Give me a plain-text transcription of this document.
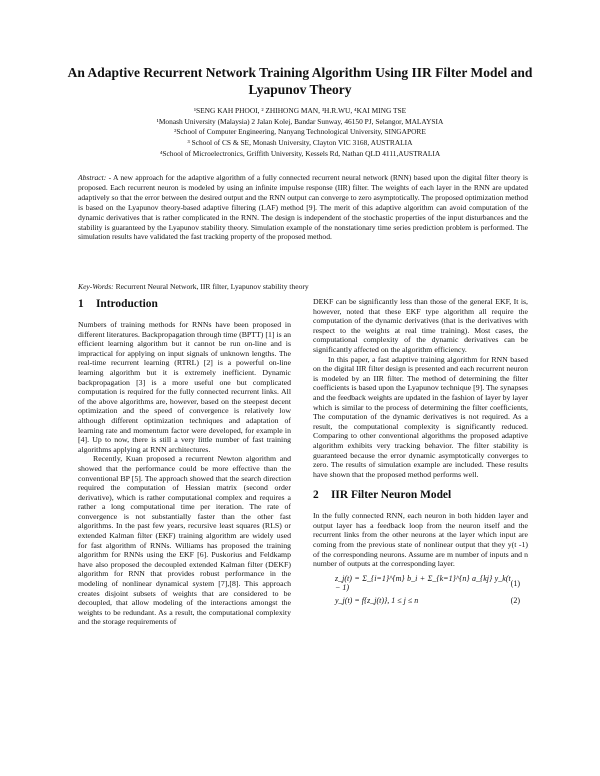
An Adaptive Recurrent Network Training Algorithm Using IIR Filter Model and Lyapunov Theory
¹SENG KAH PHOOI, ² ZHIHONG MAN, ³H.R.WU, ⁴KAI MING TSE
¹Monash University (Malaysia) 2 Jalan Kolej, Bandar Sunway, 46150 PJ, Selangor, MALAYSIA
²School of Computer Engineering, Nanyang Technological University, SINGAPORE
³ School of CS & SE, Monash University, Clayton VIC 3168, AUSTRALIA
⁴School of Microelectronics, Griffith University, Kessels Rd, Nathan QLD 4111,AUSTRALIA
Abstract: - A new approach for the adaptive algorithm of a fully connected recurrent neural network (RNN) based upon the digital filter theory is proposed. Each recurrent neuron is modeled by using an infinite impulse response (IIR) filter. The weights of each layer in the RNN are updated adaptively so that the error between the desired output and the RNN output can converge to zero asymptotically. The proposed optimization method is based on the Lyapunov theory-based adaptive filtering (LAF) method [9]. The merit of this adaptive algorithm can avoid computation of the dynamic derivatives that is rather complicated in the RNN. The design is independent of the stochastic properties of the input disturbances and the stability is guaranteed by the Lyapunov stability theory. Simulation example of the nonstationary time series prediction problem is performed. The simulation results have validated the fast tracking property of the proposed method.
Key-Words: Recurrent Neural Network, IIR filter, Lyapunov stability theory
1 Introduction

Numbers of training methods for RNNs have been proposed in different literatures. Backpropagation through time (BPTT) [1] is an efficient learning algorithm but it cannot be run on-line and is impractical for applying on input signals of unknown lengths. The real-time recurrent learning (RTRL) [2] is a powerful on-line learning algorithm but it is extremely inefficient. Dynamic backpropagation [3] is a more useful one but complicated computation is required for the fully connected recurrent links. All of the above algorithms are, however, based on the steepest decent optimization and the speed of convergence is relatively low although different optimization techniques and adaptation of learning rate and momentum factor were developed, for example in [4]. Up to now, there is still a very little number of fast training algorithms applying at RNN architectures.

Recently, Kuan proposed a recurrent Newton algorithm and showed that the performance could be more effective than the conventional BP [5]. The approach showed that the search direction required the computation of Hessian matrix (second order derivative), which is rather computational complex and requires a rather a long computational time per iteration. The rate of convergence is not substantially faster than the other fast algorithms. In the past few years, recursive least squares (RLS) or extended Kalman filter (EKF) training algorithm are widely used for fast algorithm of RNNs. Williams has proposed the training algorithm for RNNs using the EKF [6]. Puskorius and Feldkamp have also proposed the decoupled extended Kalman filter (DEKF) algorithm for RNN that provides robust performance in the modeling of nonlinear dynamical system [7],[8]. This approach creates disjoint subsets of weights that are considered to be decoupled, that allow modeling of the interactions amongst the weights to be redundant. As a result, the computational complexity and the storage requirements of

DEKF can be significantly less than those of the general EKF, It is, however, noted that these EKF type algorithm all require the computation of the dynamic derivatives (that is the derivatives with respect to the weights at real time training). Most cases, the computational complexity of the dynamic derivatives can be significantly affected on the algorithm efficiency.

In this paper, a fast adaptive training algorithm for RNN based on the digital IIR filter design is presented and each recurrent neuron is modeled by an IIR filter. The method of determining the filter coefficients is based upon the Lyapunov technique [9]. The synapses and the feedback weights are updated in the fashion of layer by layer which is similar to the process of determining the filter coefficients, The computation of the dynamic derivatives is not required. As a result, the computational complexity is significantly reduced. Comparing to other conventional algorithms the proposed adaptive algorithm exhibits very tracking behavior. The filter stability is guaranteed because the error dynamic asymptotically converges to zero. The results of simulation example are included. These results have shown that the proposed method performs well.

2 IIR Filter Neuron Model

In the fully connected RNN, each neuron in both hidden layer and output layer has a feedback loop from the neuron itself and the recurrent links from the other neurons at the layer which input are coming from the previous state of nonlinear output that they y(t -1) of the corresponding neurons. Assume are m number of inputs and n number of outputs at the corresponding layer.

z_j(t) = Σ_{i=1}^{m} b_i + Σ_{k=1}^{n} a_{kj} y_k(t − 1)
(1)
y_j(t) = f{z_j(t)}, 1 ≤ j ≤ n	(2)
